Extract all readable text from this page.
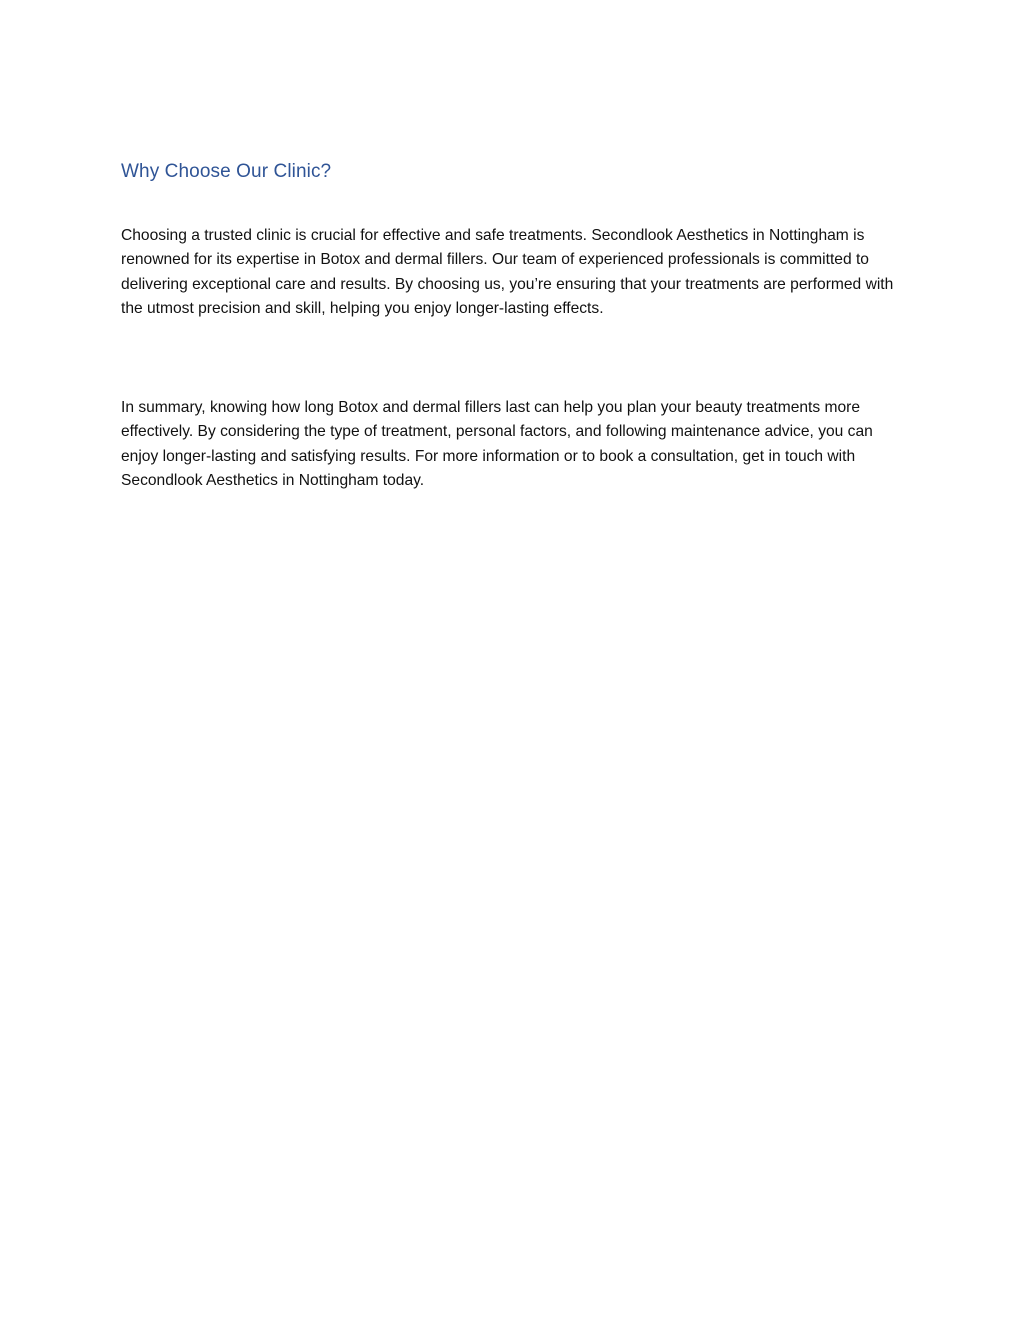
Why Choose Our Clinic?

Choosing a trusted clinic is crucial for effective and safe treatments. Secondlook Aesthetics in Nottingham is renowned for its expertise in Botox and dermal fillers. Our team of experienced professionals is committed to delivering exceptional care and results. By choosing us, you’re ensuring that your treatments are performed with the utmost precision and skill, helping you enjoy longer-lasting effects.

In summary, knowing how long Botox and dermal fillers last can help you plan your beauty treatments more effectively. By considering the type of treatment, personal factors, and following maintenance advice, you can enjoy longer-lasting and satisfying results. For more information or to book a consultation, get in touch with Secondlook Aesthetics in Nottingham today.
